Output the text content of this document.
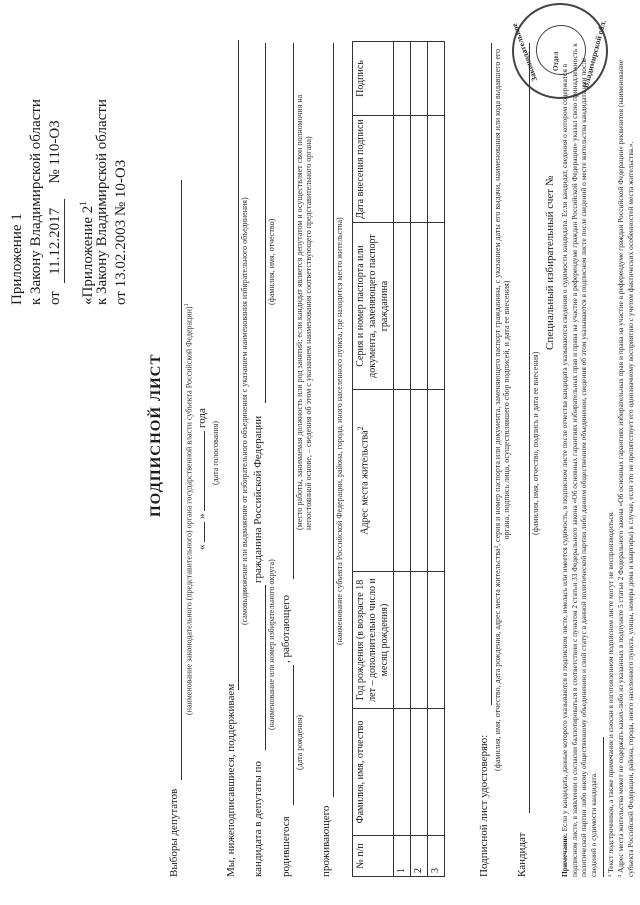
Приложение 1 к Закону Владимирской области от 11.12.2017 № 110-ОЗ
«Приложение $2^1$ к Закону Владимирской области от 13.02.2003 № 10-ОЗ
Законодательное Отдел	Владимирской обл.
ПОДПИСНОЙ ЛИСТ
Выборы депутатов
(наименование законодательного (представительного) органа государственной власти субъекта Российской Федерации)$^1$
«  »  года
(дата голосования)
Мы, нижеподписавшиеся, поддерживаем
(самовыдвижение или выдвижение от избирательного объединения с указанием наименования избирательного объединения)
кандидата в депутаты по
гражданина Российской Федерации
(наименование или номер избирательного округа)
(фамилия, имя, отчество)
родившегося
, работающего
(дата рождения)
(место работы, занимаемая должность или род занятий; если кандидат является депутатом и осуществляет свои полномочия на непостоянной основе, – сведения об этом с указанием наименования соответствующего представительного органа)
проживающего
(наименование субъекта Российской Федерации, района, города, иного населенного пункта, где находится место жительства)
№ п/п	Фамилия, имя, отчество	Год рождения (в возрасте 18 лет – дополнительно число и месяц рождения)	Адрес места жительства$^2$	Серия и номер паспорта или документа, заменяющего паспорт гражданина	Дата внесения подписи	Подпись
1						
2						
3							Подписной лист удостоверяю:
(фамилия, имя, отчество, дата рождения, адрес места жительства², серия и номер паспорта или документа, заменяющего паспорт гражданина, с указанием даты его выдачи, наименования или кода выдавшего его органа, подпись лица, осуществлявшего сбор подписей, и дата ее внесения)
Кандидат
(фамилия, имя, отчество, подпись и дата ее внесения)
Специальный избирательный счет №
Примечание. Если у кандидата, данные которого указываются в подписном листе, имелась или имеется судимость, в подписном листе после отчества кандидата указываются сведения о судимости кандидата. Если кандидат, сведения о котором содержатся в подписном листе, в заявлении о согласии баллотироваться в соответствии с пунктом 2 статьи 33 Федерального закона «Об основных гарантиях избирательных прав и права на участие в референдуме граждан Российской Федерации» указал свою принадлежность к политической партии либо иному общественному объединению и свой статус в данной политической партии либо данном общественном объединении, сведения об этом указываются в подписном листе после сведений о месте жительства кандидата или после сведений о судимости кандидата. ¹ Текст подстрочников, а также примечание и сноски в изготовленном подписном листе могут не воспроизводиться. ² Адрес места жительства может не содержать каких-либо из указанных в подпункте 5 статьи 2 Федерального закона «Об основных гарантиях избирательных прав и права на участие в референдуме граждан Российской Федерации» реквизитов (наименование субъекта Российской Федерации, района, города, иного населенного пункта, улицы, номера дома и квартиры) в случае, если это не препятствует его однозначному восприятию с учетом фактических особенностей места жительства.».
